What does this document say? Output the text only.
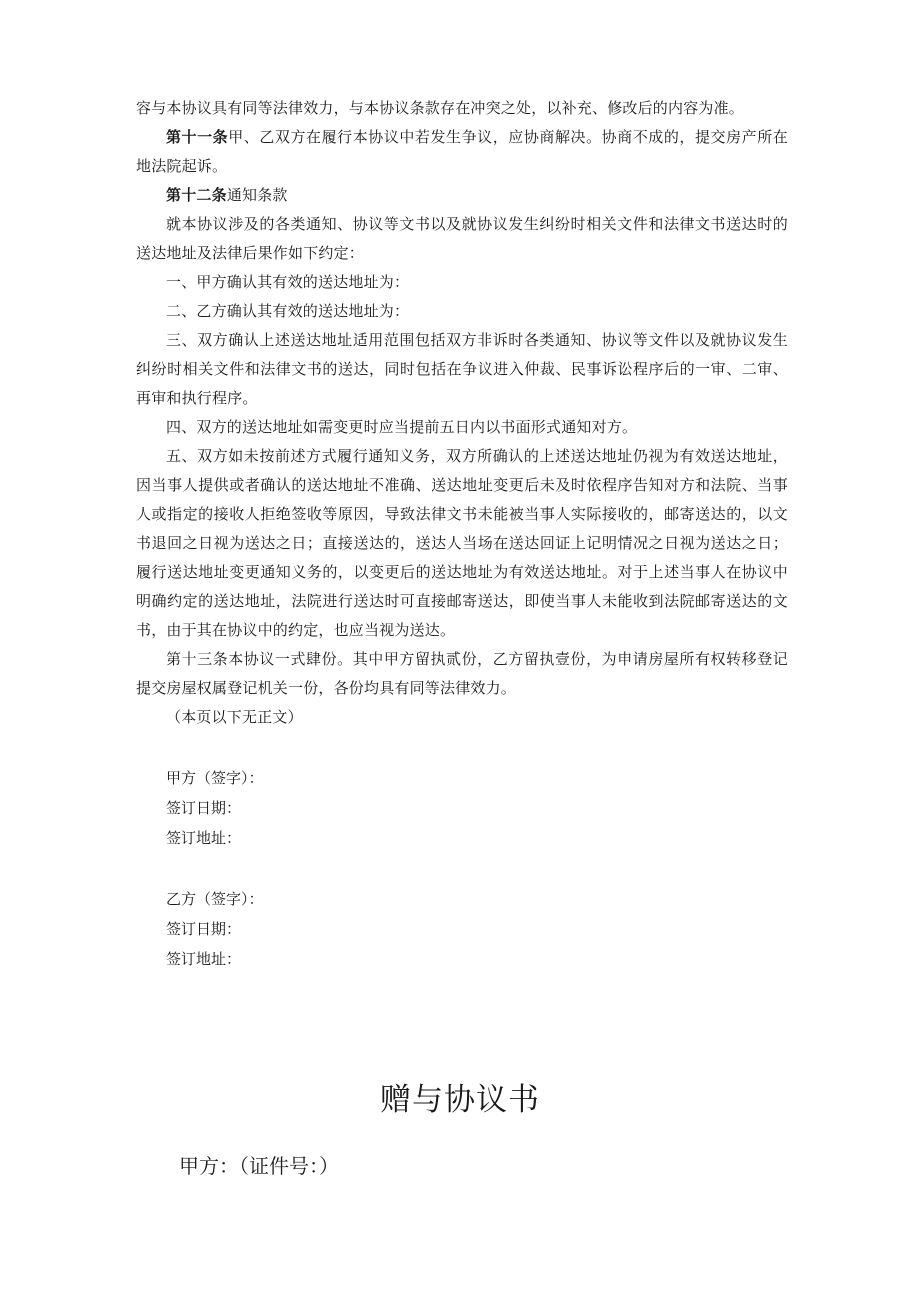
容与本协议具有同等法律效力，与本协议条款存在冲突之处，以补充、修改后的内容为准。

第十一条甲、乙双方在履行本协议中若发生争议，应协商解决。协商不成的，提交房产所在地法院起诉。

第十二条通知条款

就本协议涉及的各类通知、协议等文书以及就协议发生纠纷时相关文件和法律文书送达时的送达地址及法律后果作如下约定：

一、甲方确认其有效的送达地址为：

二、乙方确认其有效的送达地址为：

三、双方确认上述送达地址适用范围包括双方非诉时各类通知、协议等文件以及就协议发生纠纷时相关文件和法律文书的送达，同时包括在争议进入仲裁、民事诉讼程序后的一审、二审、再审和执行程序。

四、双方的送达地址如需变更时应当提前五日内以书面形式通知对方。

五、双方如未按前述方式履行通知义务，双方所确认的上述送达地址仍视为有效送达地址，因当事人提供或者确认的送达地址不准确、送达地址变更后未及时依程序告知对方和法院、当事人或指定的接收人拒绝签收等原因，导致法律文书未能被当事人实际接收的，邮寄送达的，以文书退回之日视为送达之日；直接送达的，送达人当场在送达回证上记明情况之日视为送达之日；履行送达地址变更通知义务的，以变更后的送达地址为有效送达地址。对于上述当事人在协议中明确约定的送达地址，法院进行送达时可直接邮寄送达，即使当事人未能收到法院邮寄送达的文书，由于其在协议中的约定，也应当视为送达。

第十三条本协议一式肆份。其中甲方留执贰份，乙方留执壹份，为申请房屋所有权转移登记提交房屋权属登记机关一份，各份均具有同等法律效力。

（本页以下无正文）

甲方（签字）：

签订日期：

签订地址：

乙方（签字）：

签订日期：

签订地址：

赠与协议书

甲方：（证件号：）
